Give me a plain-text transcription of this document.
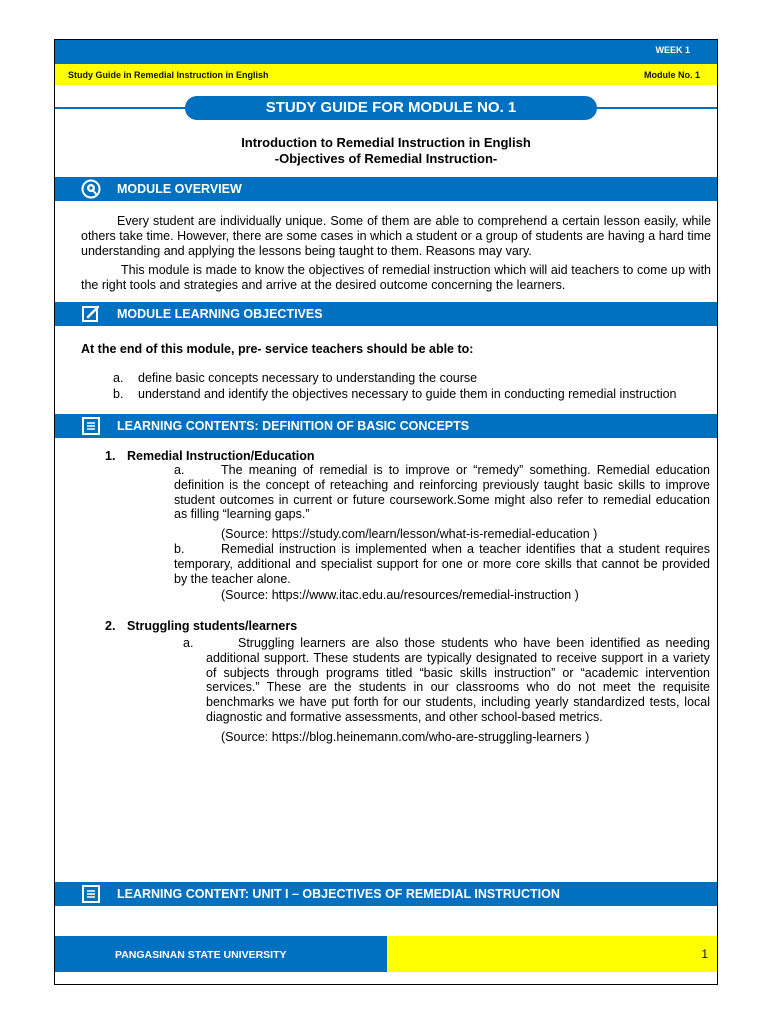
WEEK 1
Study Guide in Remedial Instruction in English	Module No. 1
STUDY GUIDE FOR MODULE NO. 1
Introduction to Remedial Instruction in English
-Objectives of Remedial Instruction-
MODULE OVERVIEW
Every student are individually unique. Some of them are able to comprehend a certain lesson easily, while others take time. However, there are some cases in which a student or a group of students are having a hard time understanding and applying the lessons being taught to them. Reasons may vary.
This module is made to know the objectives of remedial instruction which will aid teachers to come up with the right tools and strategies and arrive at the desired outcome concerning the learners.
MODULE LEARNING OBJECTIVES
At the end of this module, pre- service teachers should be able to:
a. define basic concepts necessary to understanding the course
b. understand and identify the objectives necessary to guide them in conducting remedial instruction
LEARNING CONTENTS: DEFINITION OF BASIC CONCEPTS
1. Remedial Instruction/Education
a.	The meaning of remedial is to improve or “remedy” something. Remedial education definition is the concept of reteaching and reinforcing previously taught basic skills to improve student outcomes in current or future coursework.Some might also refer to remedial education as filling “learning gaps.”
(Source: https://study.com/learn/lesson/what-is-remedial-education )
b.	Remedial instruction is implemented when a teacher identifies that a student requires temporary, additional and specialist support for one or more core skills that cannot be provided by the teacher alone.
(Source: https://www.itac.edu.au/resources/remedial-instruction )
2. Struggling students/learners
a.	Struggling learners are also those students who have been identified as needing additional support. These students are typically designated to receive support in a variety of subjects through programs titled “basic skills instruction” or “academic intervention services.” These are the students in our classrooms who do not meet the requisite benchmarks we have put forth for our students, including yearly standardized tests, local diagnostic and formative assessments, and other school-based metrics.
(Source: https://blog.heinemann.com/who-are-struggling-learners )
LEARNING CONTENT: UNIT I – OBJECTIVES OF REMEDIAL INSTRUCTION
PANGASINAN STATE UNIVERSITY	1
